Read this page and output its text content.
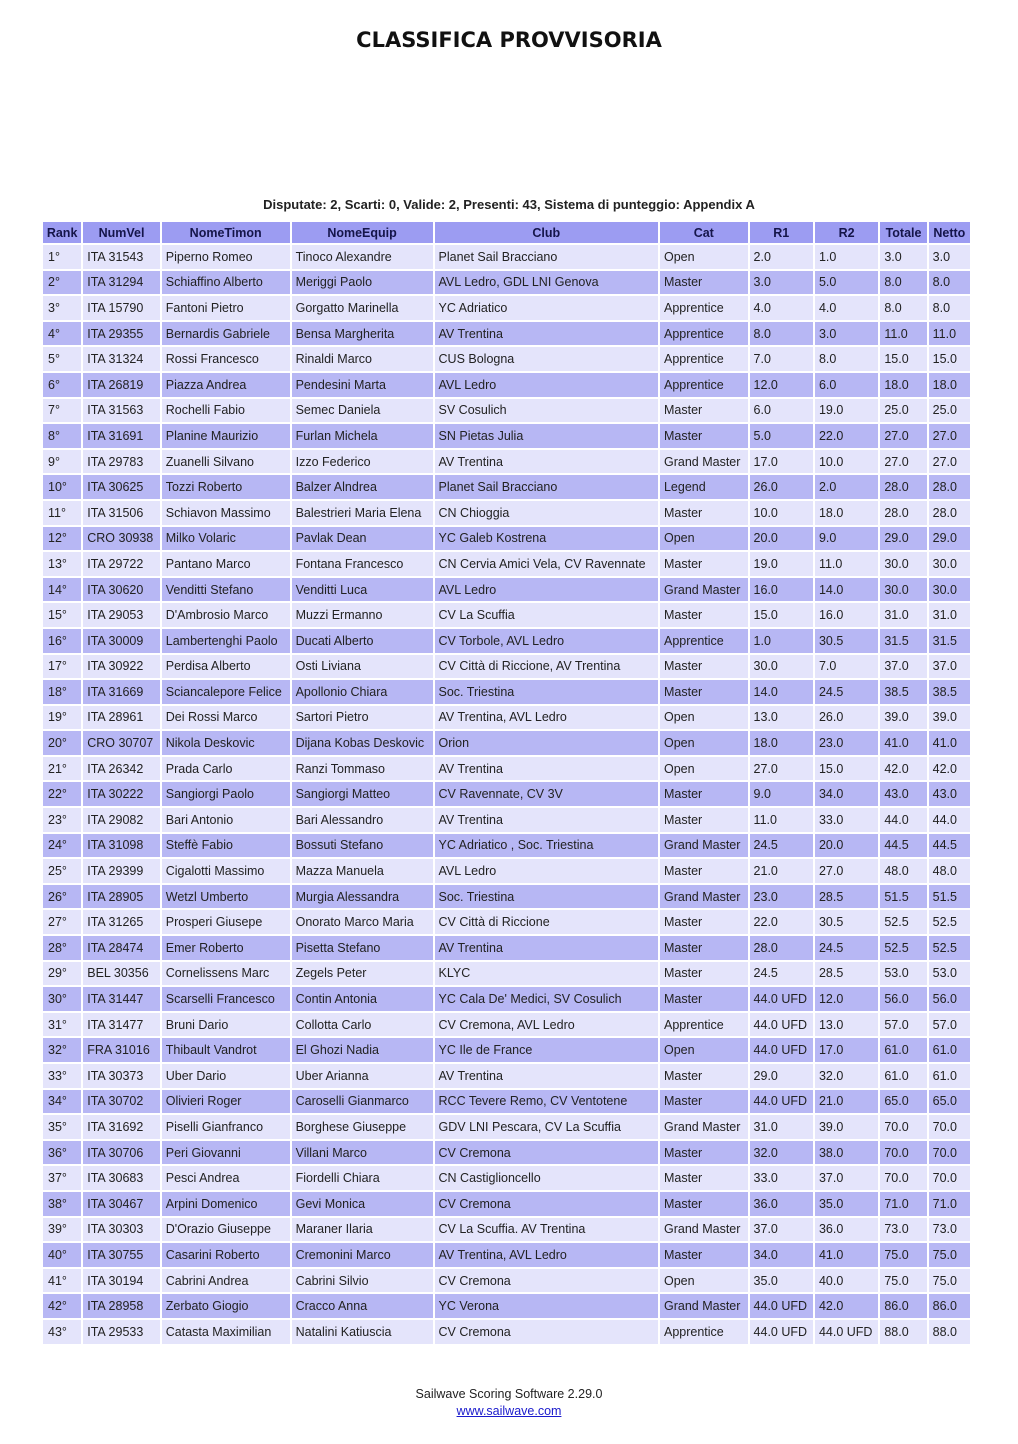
CLASSIFICA PROVVISORIA
Disputate: 2, Scarti: 0, Valide: 2, Presenti: 43, Sistema di punteggio: Appendix A
Rank	NumVel	NomeTimon	NomeEquip	Club	Cat	R1	R2	Totale	Netto
1°	ITA 31543	Piperno Romeo	Tinoco Alexandre	Planet Sail Bracciano	Open	2.0	1.0	3.0	3.0
2°	ITA 31294	Schiaffino Alberto	Meriggi Paolo	AVL Ledro, GDL LNI Genova	Master	3.0	5.0	8.0	8.0
3°	ITA 15790	Fantoni Pietro	Gorgatto Marinella	YC Adriatico	Apprentice	4.0	4.0	8.0	8.0
4°	ITA 29355	Bernardis Gabriele	Bensa Margherita	AV Trentina	Apprentice	8.0	3.0	11.0	11.0
5°	ITA 31324	Rossi Francesco	Rinaldi Marco	CUS Bologna	Apprentice	7.0	8.0	15.0	15.0
6°	ITA 26819	Piazza Andrea	Pendesini Marta	AVL Ledro	Apprentice	12.0	6.0	18.0	18.0
7°	ITA 31563	Rochelli Fabio	Semec Daniela	SV Cosulich	Master	6.0	19.0	25.0	25.0
8°	ITA 31691	Planine Maurizio	Furlan Michela	SN Pietas Julia	Master	5.0	22.0	27.0	27.0
9°	ITA 29783	Zuanelli Silvano	Izzo Federico	AV Trentina	Grand Master	17.0	10.0	27.0	27.0
10°	ITA 30625	Tozzi Roberto	Balzer Alndrea	Planet Sail Bracciano	Legend	26.0	2.0	28.0	28.0
11°	ITA 31506	Schiavon Massimo	Balestrieri Maria Elena	CN Chioggia	Master	10.0	18.0	28.0	28.0
12°	CRO 30938	Milko Volaric	Pavlak Dean	YC Galeb Kostrena	Open	20.0	9.0	29.0	29.0
13°	ITA 29722	Pantano Marco	Fontana Francesco	CN Cervia Amici Vela, CV Ravennate	Master	19.0	11.0	30.0	30.0
14°	ITA 30620	Venditti Stefano	Venditti Luca	AVL Ledro	Grand Master	16.0	14.0	30.0	30.0
15°	ITA 29053	D'Ambrosio Marco	Muzzi Ermanno	CV La Scuffia	Master	15.0	16.0	31.0	31.0
16°	ITA 30009	Lambertenghi Paolo	Ducati Alberto	CV Torbole, AVL Ledro	Apprentice	1.0	30.5	31.5	31.5
17°	ITA 30922	Perdisa Alberto	Osti Liviana	CV Città di Riccione, AV Trentina	Master	30.0	7.0	37.0	37.0
18°	ITA 31669	Sciancalepore Felice	Apollonio Chiara	Soc. Triestina	Master	14.0	24.5	38.5	38.5
19°	ITA 28961	Dei Rossi Marco	Sartori Pietro	AV Trentina, AVL Ledro	Open	13.0	26.0	39.0	39.0
20°	CRO 30707	Nikola Deskovic	Dijana Kobas Deskovic	Orion	Open	18.0	23.0	41.0	41.0
21°	ITA 26342	Prada Carlo	Ranzi Tommaso	AV Trentina	Open	27.0	15.0	42.0	42.0
22°	ITA 30222	Sangiorgi Paolo	Sangiorgi Matteo	CV Ravennate, CV 3V	Master	9.0	34.0	43.0	43.0
23°	ITA 29082	Bari Antonio	Bari Alessandro	AV Trentina	Master	11.0	33.0	44.0	44.0
24°	ITA 31098	Steffè Fabio	Bossuti Stefano	YC Adriatico , Soc. Triestina	Grand Master	24.5	20.0	44.5	44.5
25°	ITA 29399	Cigalotti Massimo	Mazza Manuela	AVL Ledro	Master	21.0	27.0	48.0	48.0
26°	ITA 28905	Wetzl Umberto	Murgia Alessandra	Soc. Triestina	Grand Master	23.0	28.5	51.5	51.5
27°	ITA 31265	Prosperi Giusepe	Onorato Marco Maria	CV Città di Riccione	Master	22.0	30.5	52.5	52.5
28°	ITA 28474	Emer Roberto	Pisetta Stefano	AV Trentina	Master	28.0	24.5	52.5	52.5
29°	BEL 30356	Cornelissens Marc	Zegels Peter	KLYC	Master	24.5	28.5	53.0	53.0
30°	ITA 31447	Scarselli Francesco	Contin Antonia	YC Cala De' Medici, SV Cosulich	Master	44.0 UFD	12.0	56.0	56.0
31°	ITA 31477	Bruni Dario	Collotta Carlo	CV Cremona, AVL Ledro	Apprentice	44.0 UFD	13.0	57.0	57.0
32°	FRA 31016	Thibault Vandrot	El Ghozi Nadia	YC Ile de France	Open	44.0 UFD	17.0	61.0	61.0
33°	ITA 30373	Uber Dario	Uber Arianna	AV Trentina	Master	29.0	32.0	61.0	61.0
34°	ITA 30702	Olivieri Roger	Caroselli Gianmarco	RCC Tevere Remo, CV Ventotene	Master	44.0 UFD	21.0	65.0	65.0
35°	ITA 31692	Piselli Gianfranco	Borghese Giuseppe	GDV LNI Pescara, CV La Scuffia	Grand Master	31.0	39.0	70.0	70.0
36°	ITA 30706	Peri Giovanni	Villani Marco	CV Cremona	Master	32.0	38.0	70.0	70.0
37°	ITA 30683	Pesci Andrea	Fiordelli Chiara	CN Castiglioncello	Master	33.0	37.0	70.0	70.0
38°	ITA 30467	Arpini Domenico	Gevi Monica	CV Cremona	Master	36.0	35.0	71.0	71.0
39°	ITA 30303	D'Orazio Giuseppe	Maraner Ilaria	CV La Scuffia. AV Trentina	Grand Master	37.0	36.0	73.0	73.0
40°	ITA 30755	Casarini Roberto	Cremonini Marco	AV Trentina, AVL Ledro	Master	34.0	41.0	75.0	75.0
41°	ITA 30194	Cabrini Andrea	Cabrini Silvio	CV Cremona	Open	35.0	40.0	75.0	75.0
42°	ITA 28958	Zerbato Giogio	Cracco Anna	YC Verona	Grand Master	44.0 UFD	42.0	86.0	86.0
43°	ITA 29533	Catasta Maximilian	Natalini Katiuscia	CV Cremona	Apprentice	44.0 UFD	44.0 UFD	88.0	88.0
Sailwave Scoring Software 2.29.0
www.sailwave.com
